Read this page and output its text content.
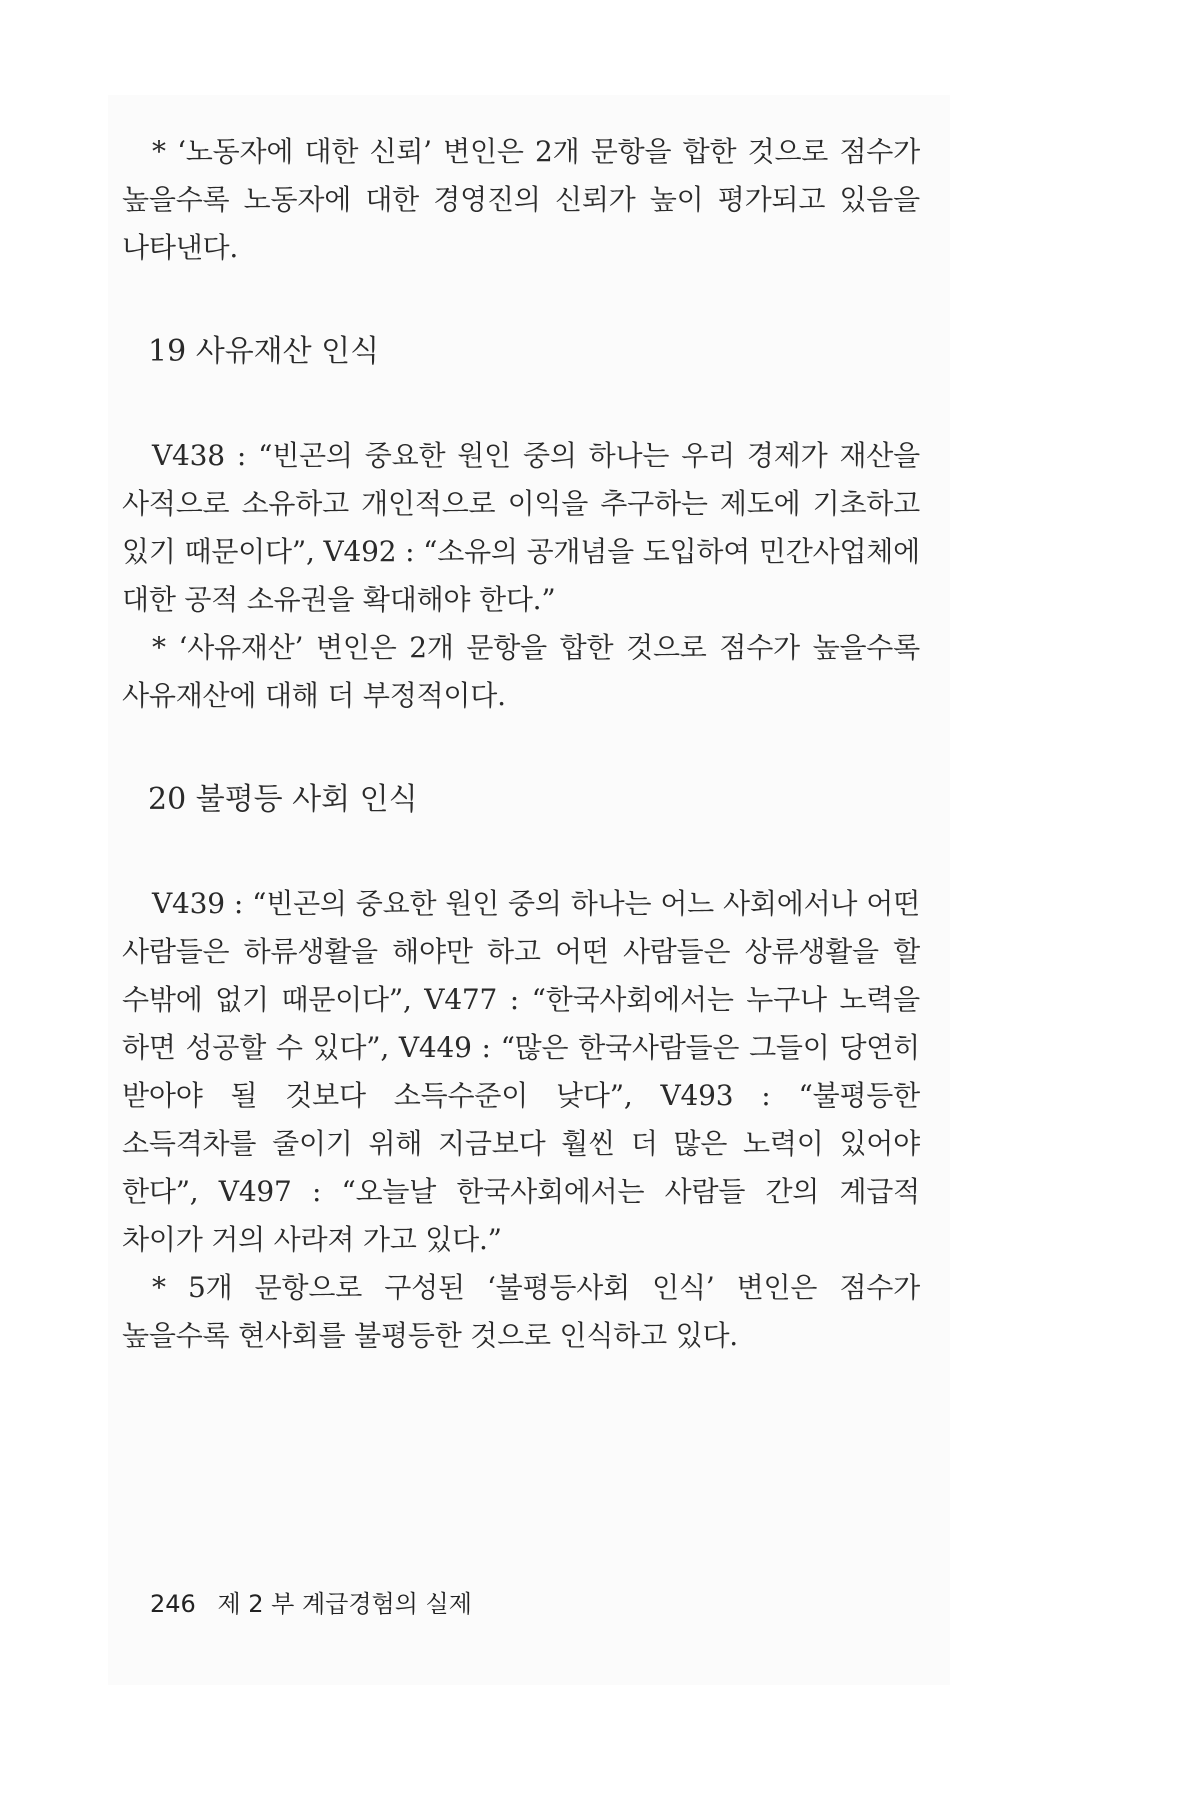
* ‘노동자에 대한 신뢰’ 변인은 2개 문항을 합한 것으로 점수가 높을수록 노동자에 대한 경영진의 신뢰가 높이 평가되고 있음을 나타낸다.

19 사유재산 인식

V438 : “빈곤의 중요한 원인 중의 하나는 우리 경제가 재산을 사적으로 소유하고 개인적으로 이익을 추구하는 제도에 기초하고 있기 때문이다”, V492 : “소유의 공개념을 도입하여 민간사업체에 대한 공적 소유권을 확대해야 한다.”

* ‘사유재산’ 변인은 2개 문항을 합한 것으로 점수가 높을수록 사유재산에 대해 더 부정적이다.

20 불평등 사회 인식

V439 : “빈곤의 중요한 원인 중의 하나는 어느 사회에서나 어떤 사람들은 하류생활을 해야만 하고 어떤 사람들은 상류생활을 할 수밖에 없기 때문이다”, V477 : “한국사회에서는 누구나 노력을 하면 성공할 수 있다”, V449 : “많은 한국사람들은 그들이 당연히 받아야 될 것보다 소득수준이 낮다”, V493 : “불평등한 소득격차를 줄이기 위해 지금보다 훨씬 더 많은 노력이 있어야 한다”, V497 : “오늘날 한국사회에서는 사람들 간의 계급적 차이가 거의 사라져 가고 있다.”

* 5개 문항으로 구성된 ‘불평등사회 인식’ 변인은 점수가 높을수록 현사회를 불평등한 것으로 인식하고 있다.

246 제 2 부 계급경험의 실제
